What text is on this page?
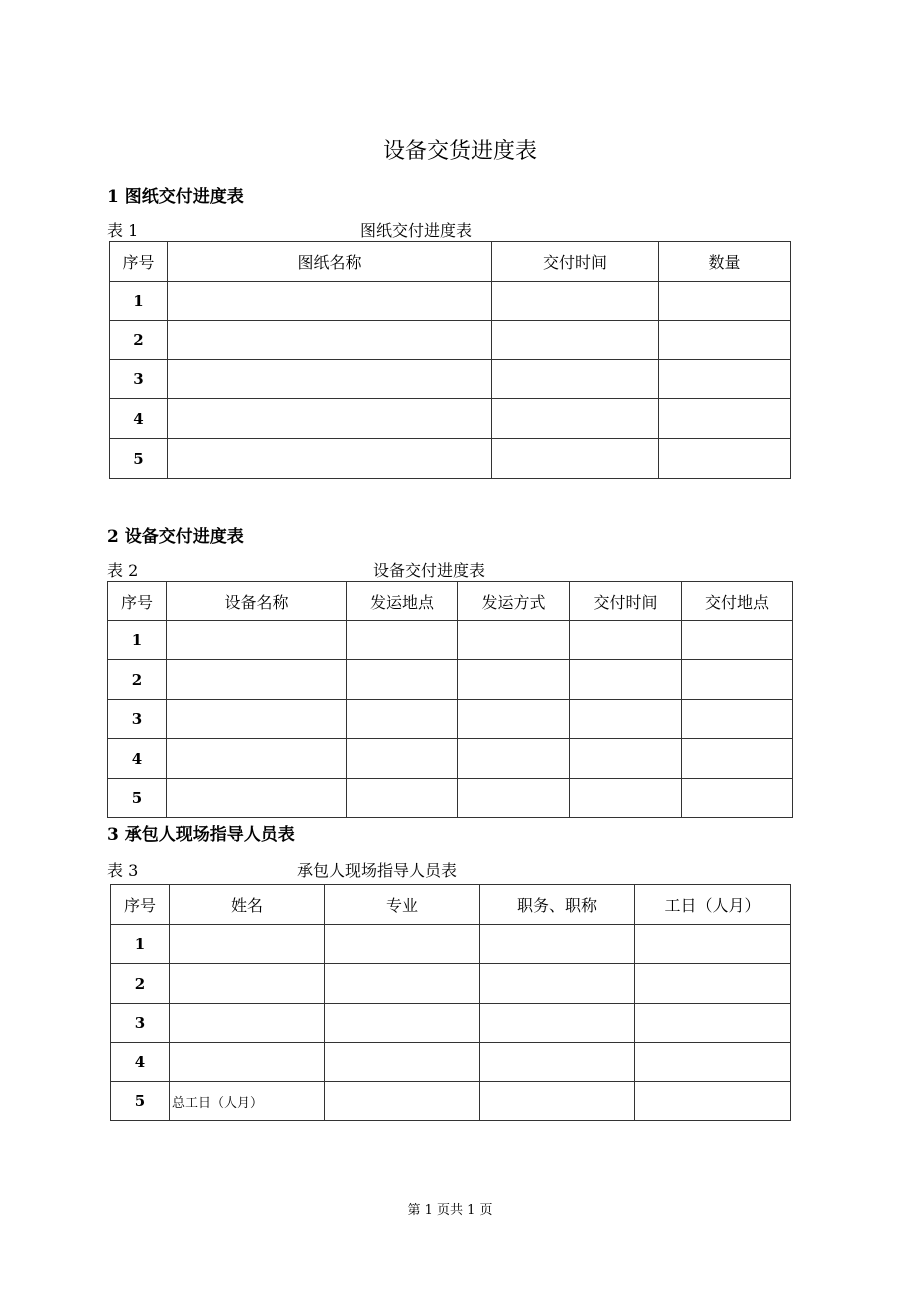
设备交货进度表
1 图纸交付进度表
表 1	图纸交付进度表
序号	图纸名称	交付时间	数量
1			
2			
3			
4			
5			
2 设备交付进度表
表 2	设备交付进度表
序号	设备名称	发运地点	发运方式	交付时间	交付地点
1					
2					
3					
4					
5					
3 承包人现场指导人员表
表 3	承包人现场指导人员表
序号	姓名	专业	职务、职称	工日（人月）
1				
2				
3				
4				
5	总工日（人月）			
第 1 页共 1 页
